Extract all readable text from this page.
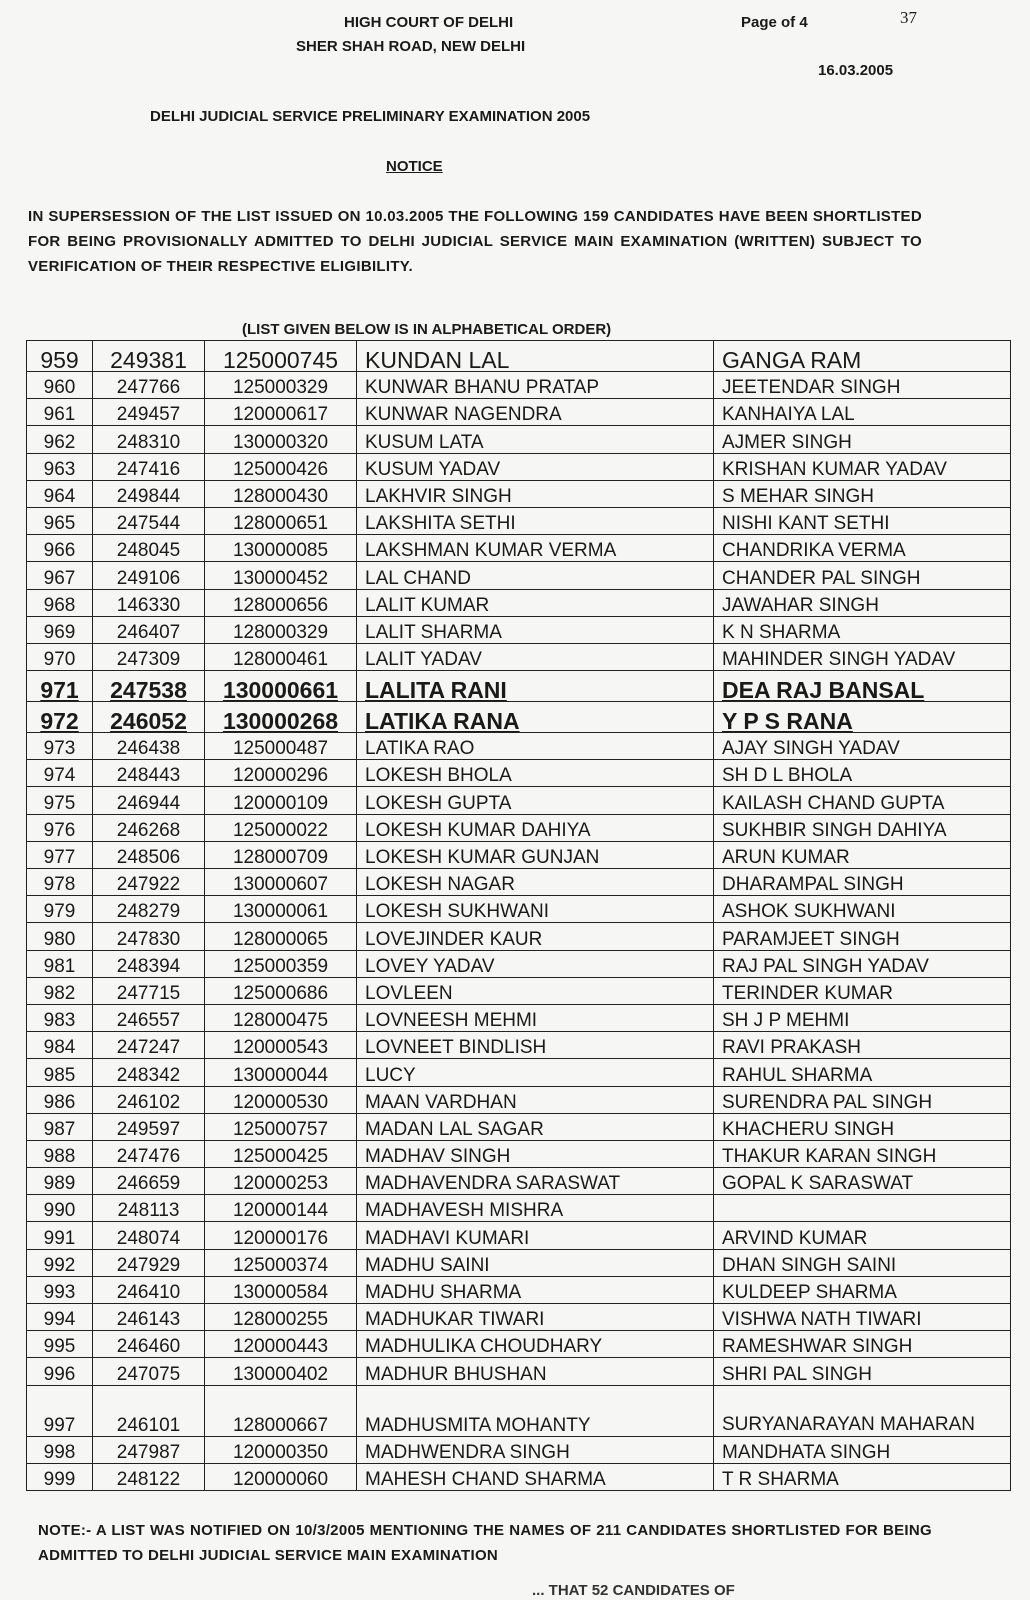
HIGH COURT OF DELHI
SHER SHAH ROAD, NEW DELHI
Page of 4	37
16.03.2005
DELHI JUDICIAL SERVICE PRELIMINARY EXAMINATION 2005
NOTICE

IN SUPERSESSION OF THE LIST ISSUED ON 10.03.2005 THE FOLLOWING 159 CANDIDATES HAVE BEEN SHORTLISTED FOR BEING PROVISIONALLY ADMITTED TO DELHI JUDICIAL SERVICE MAIN EXAMINATION (WRITTEN) SUBJECT TO VERIFICATION OF THEIR RESPECTIVE ELIGIBILITY.

(LIST GIVEN BELOW IS IN ALPHABETICAL ORDER)
959	249381	125000745	KUNDAN LAL	GANGA RAM
960	247766	125000329	KUNWAR BHANU PRATAP	JEETENDAR SINGH
961	249457	120000617	KUNWAR NAGENDRA	KANHAIYA LAL
962	248310	130000320	KUSUM LATA	AJMER SINGH
963	247416	125000426	KUSUM YADAV	KRISHAN KUMAR YADAV
964	249844	128000430	LAKHVIR SINGH	S MEHAR SINGH
965	247544	128000651	LAKSHITA SETHI	NISHI KANT SETHI
966	248045	130000085	LAKSHMAN KUMAR VERMA	CHANDRIKA VERMA
967	249106	130000452	LAL CHAND	CHANDER PAL SINGH
968	146330	128000656	LALIT KUMAR	JAWAHAR SINGH
969	246407	128000329	LALIT SHARMA	K N SHARMA
970	247309	128000461	LALIT YADAV	MAHINDER SINGH YADAV
971	247538	130000661	LALITA RANI	DEA RAJ BANSAL
972	246052	130000268	LATIKA RANA	Y P S RANA
973	246438	125000487	LATIKA RAO	AJAY SINGH YADAV
974	248443	120000296	LOKESH BHOLA	SH D L BHOLA
975	246944	120000109	LOKESH GUPTA	KAILASH CHAND GUPTA
976	246268	125000022	LOKESH KUMAR DAHIYA	SUKHBIR SINGH DAHIYA
977	248506	128000709	LOKESH KUMAR GUNJAN	ARUN KUMAR
978	247922	130000607	LOKESH NAGAR	DHARAMPAL SINGH
979	248279	130000061	LOKESH SUKHWANI	ASHOK SUKHWANI
980	247830	128000065	LOVEJINDER KAUR	PARAMJEET SINGH
981	248394	125000359	LOVEY YADAV	RAJ PAL SINGH YADAV
982	247715	125000686	LOVLEEN	TERINDER KUMAR
983	246557	128000475	LOVNEESH MEHMI	SH J P MEHMI
984	247247	120000543	LOVNEET BINDLISH	RAVI PRAKASH
985	248342	130000044	LUCY	RAHUL SHARMA
986	246102	120000530	MAAN VARDHAN	SURENDRA PAL SINGH
987	249597	125000757	MADAN LAL SAGAR	KHACHERU SINGH
988	247476	125000425	MADHAV SINGH	THAKUR KARAN SINGH
989	246659	120000253	MADHAVENDRA SARASWAT	GOPAL K SARASWAT
990	248113	120000144	MADHAVESH MISHRA	
991	248074	120000176	MADHAVI KUMARI	ARVIND KUMAR
992	247929	125000374	MADHU SAINI	DHAN SINGH SAINI
993	246410	130000584	MADHU SHARMA	KULDEEP SHARMA
994	246143	128000255	MADHUKAR TIWARI	VISHWA NATH TIWARI
995	246460	120000443	MADHULIKA CHOUDHARY	RAMESHWAR SINGH
996	247075	130000402	MADHUR BHUSHAN	SHRI PAL SINGH
997	246101	128000667	MADHUSMITA MOHANTY	SURYANARAYAN MAHARAN
998	247987	120000350	MADHWENDRA SINGH	MANDHATA SINGH
999	248122	120000060	MAHESH CHAND SHARMA	T R SHARMA

NOTE:- A LIST WAS NOTIFIED ON 10/3/2005 MENTIONING THE NAMES OF 211 CANDIDATES SHORTLISTED FOR BEING ADMITTED TO DELHI JUDICIAL SERVICE MAIN EXAMINATION

... THAT 52 CANDIDATES OF
